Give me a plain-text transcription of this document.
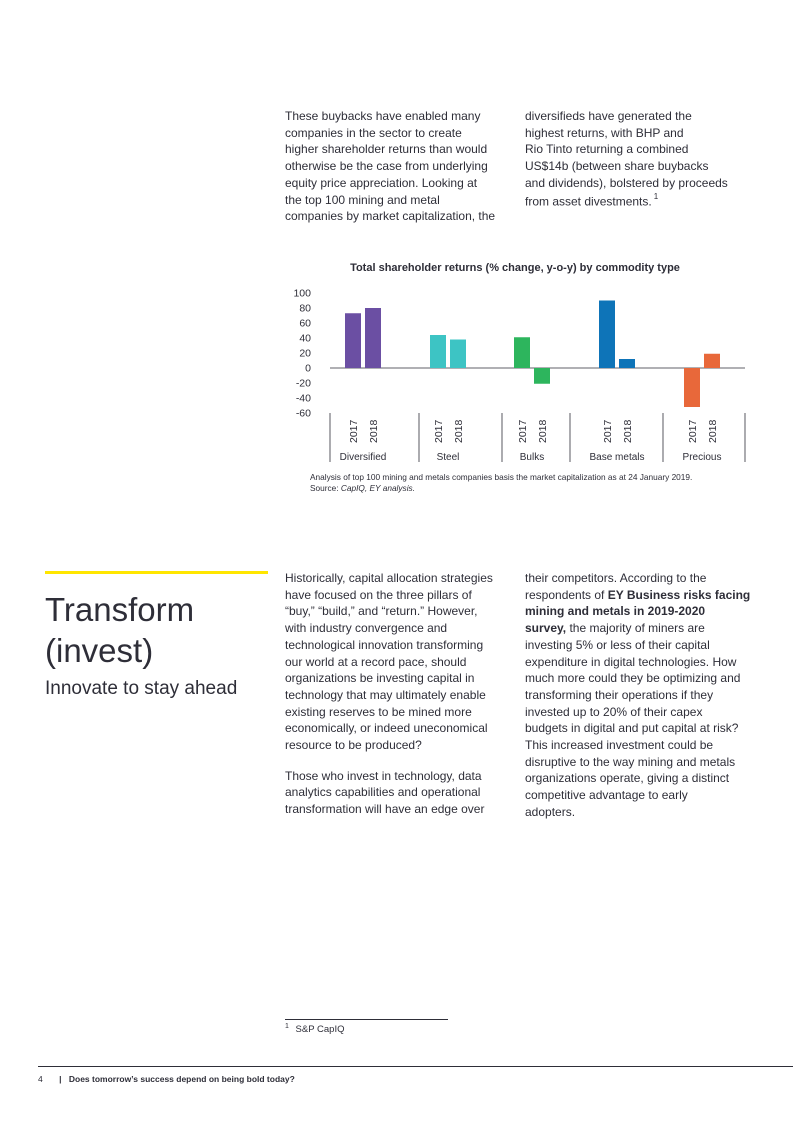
These buybacks have enabled many
companies in the sector to create
higher shareholder returns than would
otherwise be the case from underlying
equity price appreciation. Looking at
the top 100 mining and metal
companies by market capitalization, the
diversifieds have generated the
highest returns, with BHP and
Rio Tinto returning a combined
US$14b (between share buybacks
and dividends), bolstered by proceeds
from asset divestments. $^1$
Total shareholder returns (% change, y-o-y) by commodity type
100
80
60
40
20
0
-20
-40
-60
2017 2018
Diversified
2017 2018
Steel
2017 2018
Bulks
2017 2018
Base metals
2017 2018
Precious
Analysis of top 100 mining and metals companies basis the market capitalization as at 24 January 2019.
Source: CapIQ, EY analysis.
Transform
(invest)
Innovate to stay ahead
Historically, capital allocation strategies
have focused on the three pillars of
“buy,” “build,” and “return.” However,
with industry convergence and
technological innovation transforming
our world at a record pace, should
organizations be investing capital in
technology that may ultimately enable
existing reserves to be mined more
economically, or indeed uneconomical
resource to be produced?
Those who invest in technology, data
analytics capabilities and operational
transformation will have an edge over
their competitors. According to the
respondents of EY Business risks facing
mining and metals in 2019-2020
survey, the majority of miners are
investing 5% or less of their capital
expenditure in digital technologies. How
much more could they be optimizing and
transforming their operations if they
invested up to 20% of their capex
budgets in digital and put capital at risk?
This increased investment could be
disruptive to the way mining and metals
organizations operate, giving a distinct
competitive advantage to early
adopters.
$^1$ S&P CapIQ
4 | Does tomorrow’s success depend on being bold today?
